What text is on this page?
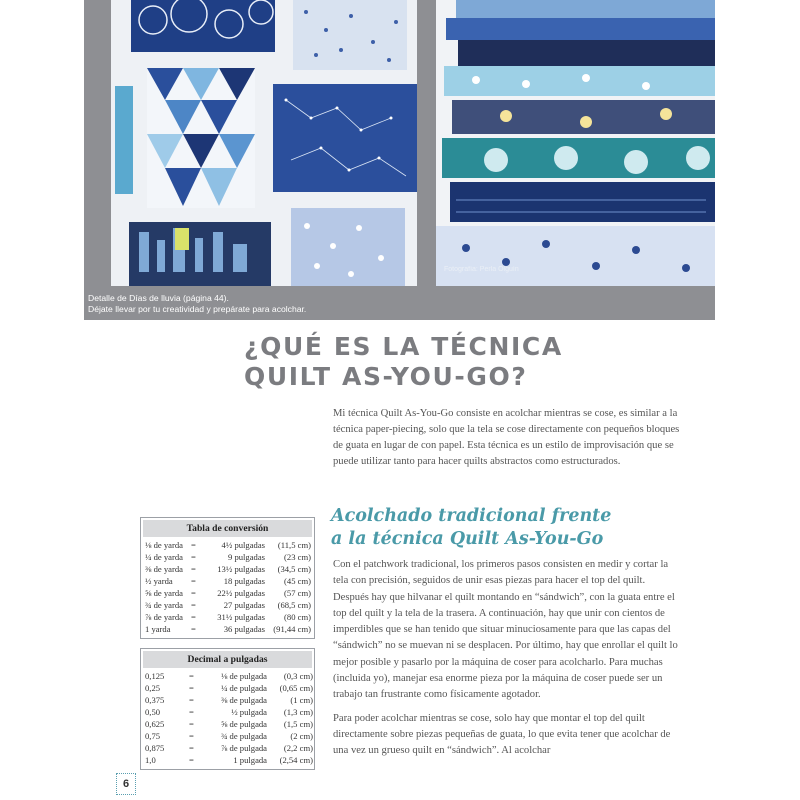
Fotografía: Perla Olguín
Detalle de Días de lluvia (página 44).
Déjate llevar por tu creatividad y prepárate para acolchar.
¿QUÉ ES LA TÉCNICA
QUILT AS-YOU-GO?
Mi técnica Quilt As-You-Go consiste en acolchar mientras se cose, es similar a la técnica paper-piecing, solo que la tela se cose directamente con pequeños bloques de guata en lugar de con papel. Esta técnica es un estilo de improvisación que se puede utilizar tanto para hacer quilts abstractos como estructurados.
Acolchado tradicional frente
a la técnica Quilt As-You-Go

Con el patchwork tradicional, los primeros pasos consisten en medir y cortar la tela con precisión, seguidos de unir esas piezas para hacer el top del quilt. Después hay que hilvanar el quilt montando en “sándwich”, con la guata entre el top del quilt y la tela de la trasera. A continuación, hay que unir con cientos de imperdibles que se han tenido que situar minuciosamente para que las capas del “sándwich” no se muevan ni se desplacen. Por último, hay que enrollar el quilt lo mejor posible y pasarlo por la máquina de coser para acolcharlo. Para muchas (incluida yo), manejar esa enorme pieza por la máquina de coser puede ser un trabajo tan frustrante como físicamente agotador.

Para poder acolchar mientras se cose, solo hay que montar el top del quilt directamente sobre piezas pequeñas de guata, lo que evita tener que acolchar de una vez un grueso quilt en “sándwich”. Al acolchar

Tabla de conversión
⅛ de yarda	=	4½ pulgadas	(11,5 cm)
¼ de yarda	=	9 pulgadas	(23 cm)
⅜ de yarda	=	13½ pulgadas	(34,5 cm)
½ yarda	=	18 pulgadas	(45 cm)
⅝ de yarda	=	22½ pulgadas	(57 cm)
¾ de yarda	=	27 pulgadas	(68,5 cm)
⅞ de yarda	=	31½ pulgadas	(80 cm)
1 yarda	=	36 pulgadas	(91,44 cm)
Decimal a pulgadas
0,125	=	⅛ de pulgada	(0,3 cm)
0,25	=	¼ de pulgada	(0,65 cm)
0,375	=	⅜ de pulgada	(1 cm)
0,50	=	½ pulgada	(1,3 cm)
0,625	=	⅝ de pulgada	(1,5 cm)
0,75	=	¾ de pulgada	(2 cm)
0,875	=	⅞ de pulgada	(2,2 cm)
1,0	=	1 pulgada	(2,54 cm)
6
